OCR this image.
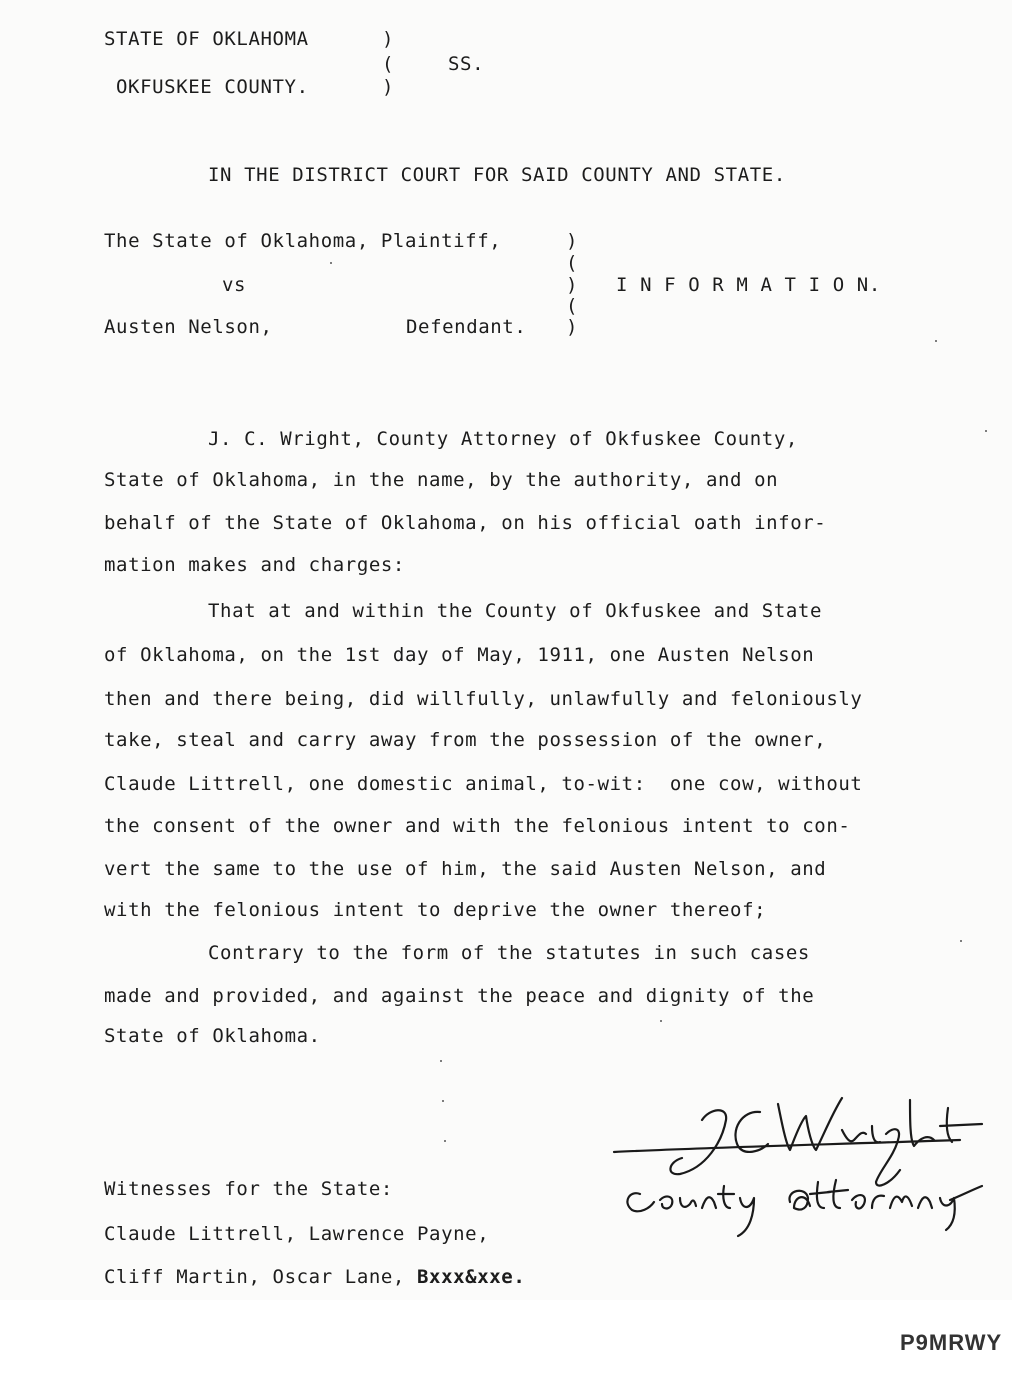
STATE OF OKLAHOMA
OKFUSKEE COUNTY.
)
(
)
SS.
IN THE DISTRICT COURT FOR SAID COUNTY AND STATE.
The State of Oklahoma, Plaintiff,
vs
Austen Nelson,	Defendant.
)
(
)
(
)
I N F O R M A T I O N.
J. C. Wright, County Attorney of Okfuskee County,
State of Oklahoma, in the name, by the authority, and on
behalf of the State of Oklahoma, on his official oath infor-
mation makes and charges:
That at and within the County of Okfuskee and State
of Oklahoma, on the 1st day of May, 1911, one Austen Nelson
then and there being, did willfully, unlawfully and feloniously
take, steal and carry away from the possession of the owner,
Claude Littrell, one domestic animal, to-wit:  one cow, without
the consent of the owner and with the felonious intent to con-
vert the same to the use of him, the said Austen Nelson, and
with the felonious intent to deprive the owner thereof;
Contrary to the form of the statutes in such cases
made and provided, and against the peace and dignity of the
State of Oklahoma.
Witnesses for the State:
Claude Littrell, Lawrence Payne,
Cliff Martin, Oscar Lane, Bxxx&xxe.
P9MRWY
